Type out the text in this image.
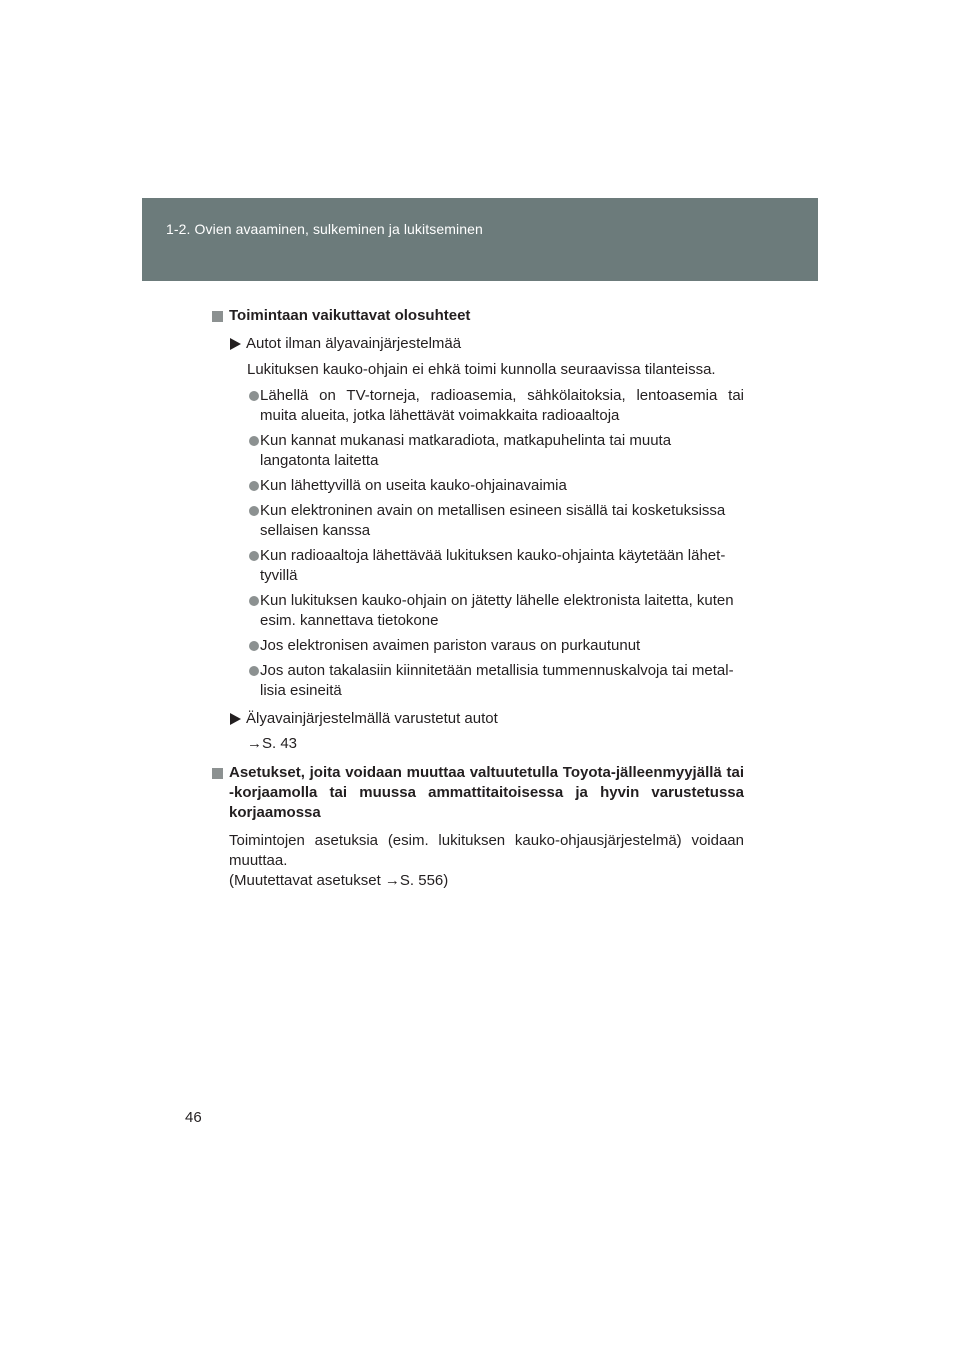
1-2. Ovien avaaminen, sulkeminen ja lukitseminen
Toimintaan vaikuttavat olosuhteet
Autot ilman älyavainjärjestelmää
Lukituksen kauko-ohjain ei ehkä toimi kunnolla seuraavissa tilanteissa.
Lähellä on TV-torneja, radioasemia, sähkölaitoksia, lentoasemia tai muita alueita, jotka lähettävät voimakkaita radioaaltoja
Kun kannat mukanasi matkaradiota, matkapuhelinta tai muuta langatonta laitetta
Kun lähettyvillä on useita kauko-ohjainavaimia
Kun elektroninen avain on metallisen esineen sisällä tai kosketuksissa sellaisen kanssa
Kun radioaaltoja lähettävää lukituksen kauko-ohjainta käytetään lähet-tyvillä
Kun lukituksen kauko-ohjain on jätetty lähelle elektronista laitetta, kuten esim. kannettava tietokone
Jos elektronisen avaimen pariston varaus on purkautunut
Jos auton takalasiin kiinnitetään metallisia tummennuskalvoja tai metal-lisia esineitä
Älyavainjärjestelmällä varustetut autot
→S. 43
Asetukset, joita voidaan muuttaa valtuutetulla Toyota-jälleenmyyjällä tai -korjaamolla tai muussa ammattitaitoisessa ja hyvin varustetussa korjaamossa
Toimintojen asetuksia (esim. lukituksen kauko-ohjausjärjestelmä) voidaan muuttaa.
(Muutettavat asetukset →S. 556)
46
